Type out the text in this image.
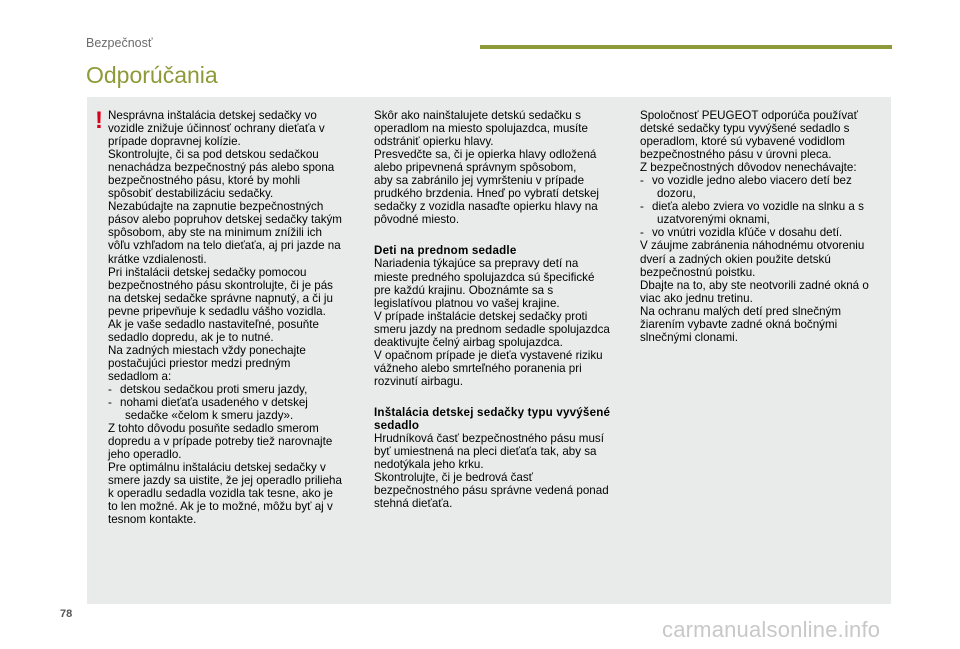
Bezpečnosť
Odporúčania
! Nesprávna inštalácia detskej sedačky vo
vozidle znižuje účinnosť ochrany dieťaťa v
prípade dopravnej kolízie.
Skontrolujte, či sa pod detskou sedačkou
nenachádza bezpečnostný pás alebo spona
bezpečnostného pásu, ktoré by mohli
spôsobiť destabilizáciu sedačky.
Nezabúdajte na zapnutie bezpečnostných
pásov alebo popruhov detskej sedačky takým
spôsobom, aby ste na minimum znížili ich
vôľu vzhľadom na telo dieťaťa, aj pri jazde na
krátke vzdialenosti.
Pri inštalácii detskej sedačky pomocou
bezpečnostného pásu skontrolujte, či je pás
na detskej sedačke správne napnutý, a či ju
pevne pripevňuje k sedadlu vášho vozidla.
Ak je vaše sedadlo nastaviteľné, posuňte
sedadlo dopredu, ak je to nutné.
Na zadných miestach vždy ponechajte
postačujúci priestor medzi predným
sedadlom a:

- detskou sedačkou proti smeru jazdy,
- nohami dieťaťa usadeného v detskej
sedačke «čelom k smeru jazdy».

Z tohto dôvodu posuňte sedadlo smerom
dopredu a v prípade potreby tiež narovnajte
jeho operadlo.
Pre optimálnu inštaláciu detskej sedačky v
smere jazdy sa uistite, že jej operadlo prilieha
k operadlu sedadla vozidla tak tesne, ako je
to len možné. Ak je to možné, môžu byť aj v
tesnom kontakte.

Skôr ako nainštalujete detskú sedačku s
operadlom na miesto spolujazdca, musíte
odstrániť opierku hlavy.
Presvedčte sa, či je opierka hlavy odložená
alebo pripevnená správnym spôsobom,
aby sa zabránilo jej vymršteniu v prípade
prudkého brzdenia. Hneď po vybratí detskej
sedačky z vozidla nasaďte opierku hlavy na
pôvodné miesto.

Deti na prednom sedadle

Nariadenia týkajúce sa prepravy detí na
mieste predného spolujazdca sú špecifické
pre každú krajinu. Oboznámte sa s
legislatívou platnou vo vašej krajine.
V prípade inštalácie detskej sedačky proti
smeru jazdy na prednom sedadle spolujazdca
deaktivujte čelný airbag spolujazdca.
V opačnom prípade je dieťa vystavené riziku
vážneho alebo smrteľného poranenia pri
rozvinutí airbagu.

Inštalácia detskej sedačky typu vyvýšené
sedadlo

Hrudníková časť bezpečnostného pásu musí
byť umiestnená na pleci dieťaťa tak, aby sa
nedotýkala jeho krku.
Skontrolujte, či je bedrová časť
bezpečnostného pásu správne vedená ponad
stehná dieťaťa.

Spoločnosť PEUGEOT odporúča používať
detské sedačky typu vyvýšené sedadlo s
operadlom, ktoré sú vybavené vodidlom
bezpečnostného pásu v úrovni pleca.
Z bezpečnostných dôvodov nenechávajte:

- vo vozidle jedno alebo viacero detí bez
dozoru,
- dieťa alebo zviera vo vozidle na slnku a s
uzatvorenými oknami,
- vo vnútri vozidla kľúče v dosahu detí.

V záujme zabránenia náhodnému otvoreniu
dverí a zadných okien použite detskú
bezpečnostnú poistku.
Dbajte na to, aby ste neotvorili zadné okná o
viac ako jednu tretinu.
Na ochranu malých detí pred slnečným
žiarením vybavte zadné okná bočnými
slnečnými clonami.

78
carmanualsonline.info
